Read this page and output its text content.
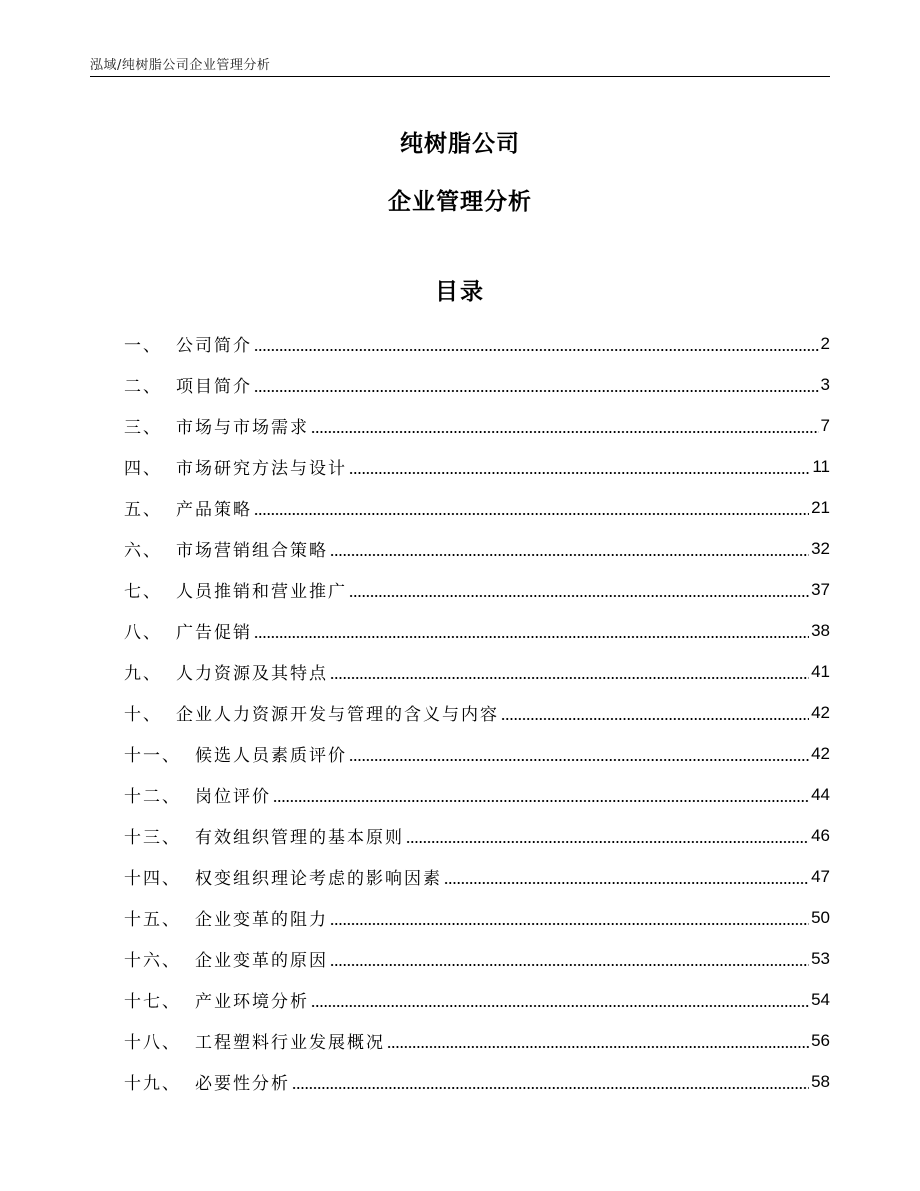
泓域/纯树脂公司企业管理分析
纯树脂公司
企业管理分析
目录
一 、 公司简介	2
二 、 项目简介	3
三 、 市场与市场需求	7
四 、 市场研究方法与设计	11
五 、 产品策略	21
六 、 市场营销组合策略	32
七 、 人员推销和营业推广	37
八 、 广告促销	38
九 、 人力资源及其特点	41
十 、 企业人力资源开发与管理的含义与内容	42
十一 、 候选人员素质评价	42
十二 、 岗位评价	44
十三 、 有效组织管理的基本原则	46
十四 、 权变组织理论考虑的影响因素	47
十五 、 企业变革的阻力	50
十六 、 企业变革的原因	53
十七 、 产业环境分析	54
十八 、 工程塑料行业发展概况	56
十九 、 必要性分析	58
